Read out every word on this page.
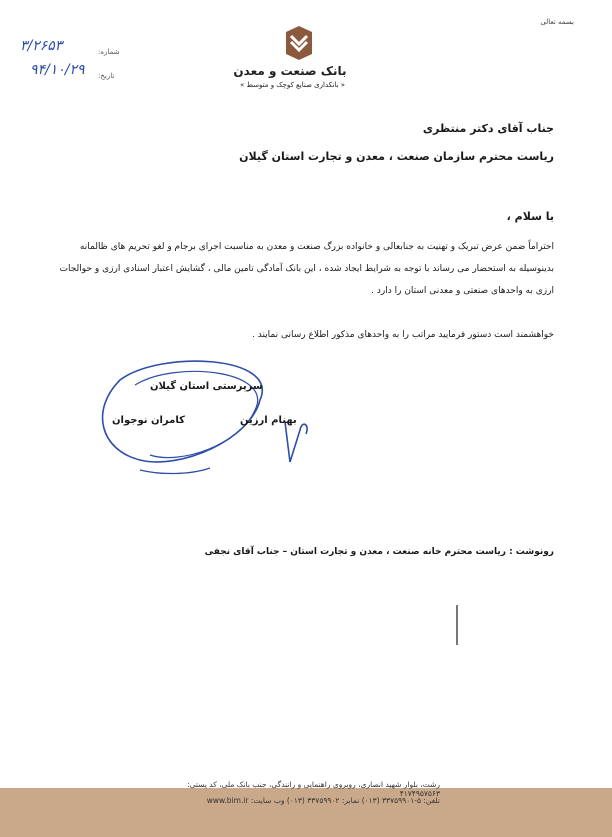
بسمه تعالی
بانک صنعت و معدن
« بانکداری صنایع کوچک و متوسط »
شماره:
تاریخ:
۳/۲۶۵۳
۹۴/۱۰/۲۹
جناب آقای دکتر منتظری
ریاست محترم سازمان صنعت ، معدن و تجارت استان گیلان
با سلام ،
احتراماً ضمن عرض تبریک و تهنیت به جنابعالی و خانواده بزرگ صنعت و معدن به مناسبت اجرای برجام و لغو تحریم های ظالمانه بدینوسیله به استحضار می رساند با توجه به شرایط ایجاد شده ، این بانک آمادگی تامین مالی ، گشایش اعتبار اسنادی ارزی و حوالجات ارزی به واحدهای صنعتی و معدنی استان را دارد .
خواهشمند است دستور فرمایید مراتب را به واحدهای مذکور اطلاع رسانی نمایند .
سرپرستی استان گیلان
بهنام ارزین
کامران نوجوان
رونوشت : ریاست محترم خانه صنعت ، معدن و تجارت استان – جناب آقای نجفی
رشت، بلوار شهید انصاری، روبروی راهنمایی و رانندگی، جنب بانک ملی، کد پستی: ۴۱۷۴۹۵۷۵۶۳
تلفن: ۵-۳۳۷۵۹۹۰۱ (۰۱۳) نمابر: ۳۳۷۵۹۹۰۲ (۰۱۳) وب سایت: www.bim.ir
